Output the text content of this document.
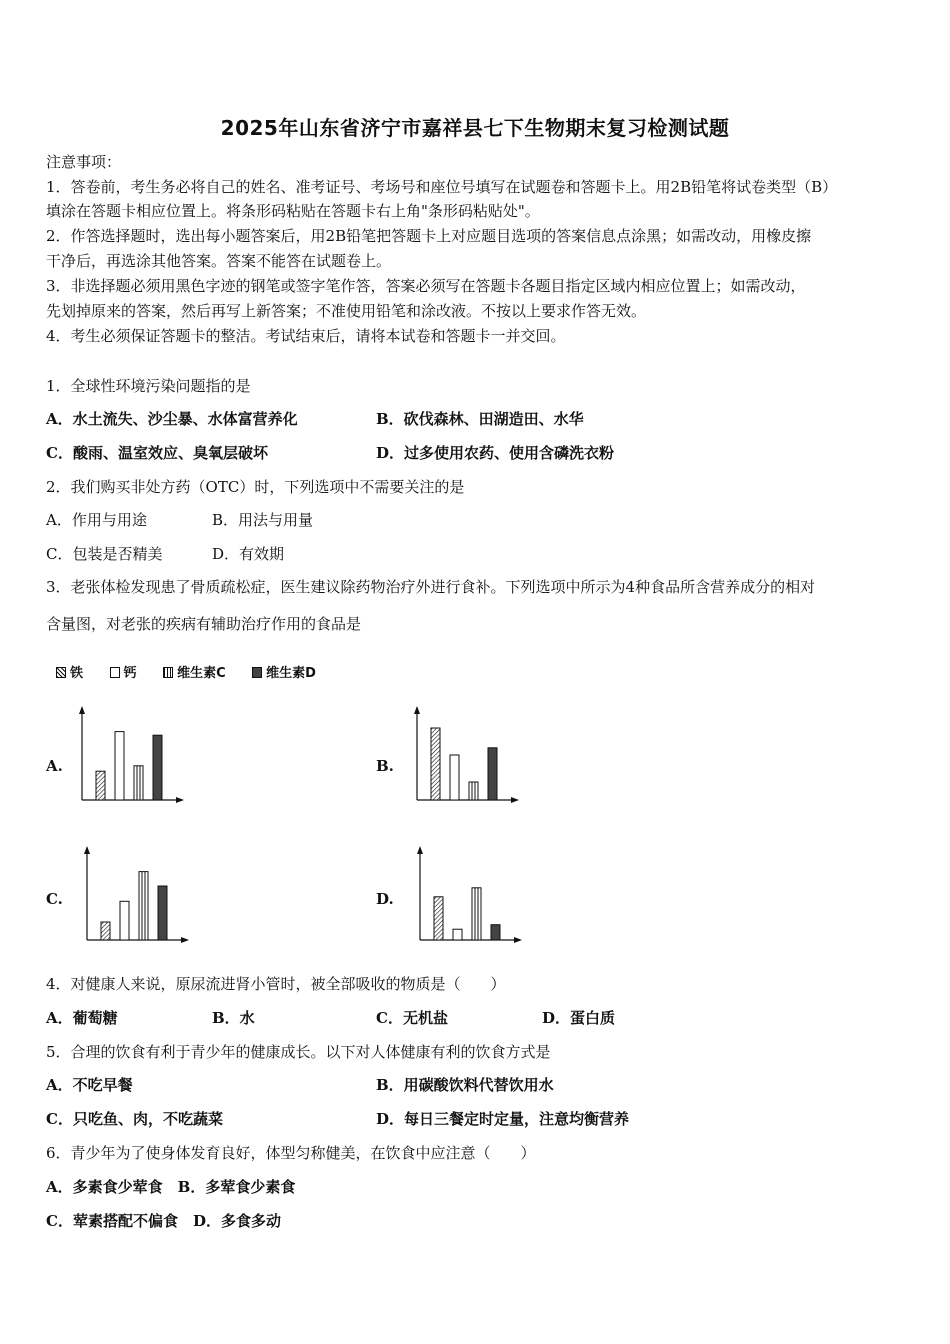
2025年山东省济宁市嘉祥县七下生物期末复习检测试题
注意事项：
1．答卷前，考生务必将自己的姓名、准考证号、考场号和座位号填写在试题卷和答题卡上。用2B铅笔将试卷类型（B）
填涂在答题卡相应位置上。将条形码粘贴在答题卡右上角"条形码粘贴处"。
2．作答选择题时，选出每小题答案后，用2B铅笔把答题卡上对应题目选项的答案信息点涂黑；如需改动，用橡皮擦
干净后，再选涂其他答案。答案不能答在试题卷上。
3．非选择题必须用黑色字迹的钢笔或签字笔作答，答案必须写在答题卡各题目指定区域内相应位置上；如需改动，
先划掉原来的答案，然后再写上新答案；不准使用铅笔和涂改液。不按以上要求作答无效。
4．考生必须保证答题卡的整洁。考试结束后，请将本试卷和答题卡一并交回。
1．全球性环境污染问题指的是
A．水土流失、沙尘暴、水体富营养化	B．砍伐森林、田湖造田、水华
C．酸雨、温室效应、臭氧层破坏	D．过多使用农药、使用含磷洗衣粉
2．我们购买非处方药（OTC）时，下列选项中不需要关注的是
A．作用与用途	B．用法与用量
C．包装是否精美	D．有效期
3．老张体检发现患了骨质疏松症，医生建议除药物治疗外进行食补。下列选项中所示为4种食品所含营养成分的相对
含量图，对老张的疾病有辅助治疗作用的食品是
铁	钙	维生素C	维生素D
A.	B.
C.	D.
4．对健康人来说，原尿流进肾小管时，被全部吸收的物质是（　　）
A．葡萄糖	B．水	C．无机盐	D．蛋白质
5．合理的饮食有利于青少年的健康成长。以下对人体健康有利的饮食方式是
A．不吃早餐	B．用碳酸饮料代替饮用水
C．只吃鱼、肉，不吃蔬菜	D．每日三餐定时定量，注意均衡营养
6．青少年为了使身体发育良好，体型匀称健美，在饮食中应注意（　　）
A．多素食少荤食　B．多荤食少素食
C．荤素搭配不偏食　D．多食多动
